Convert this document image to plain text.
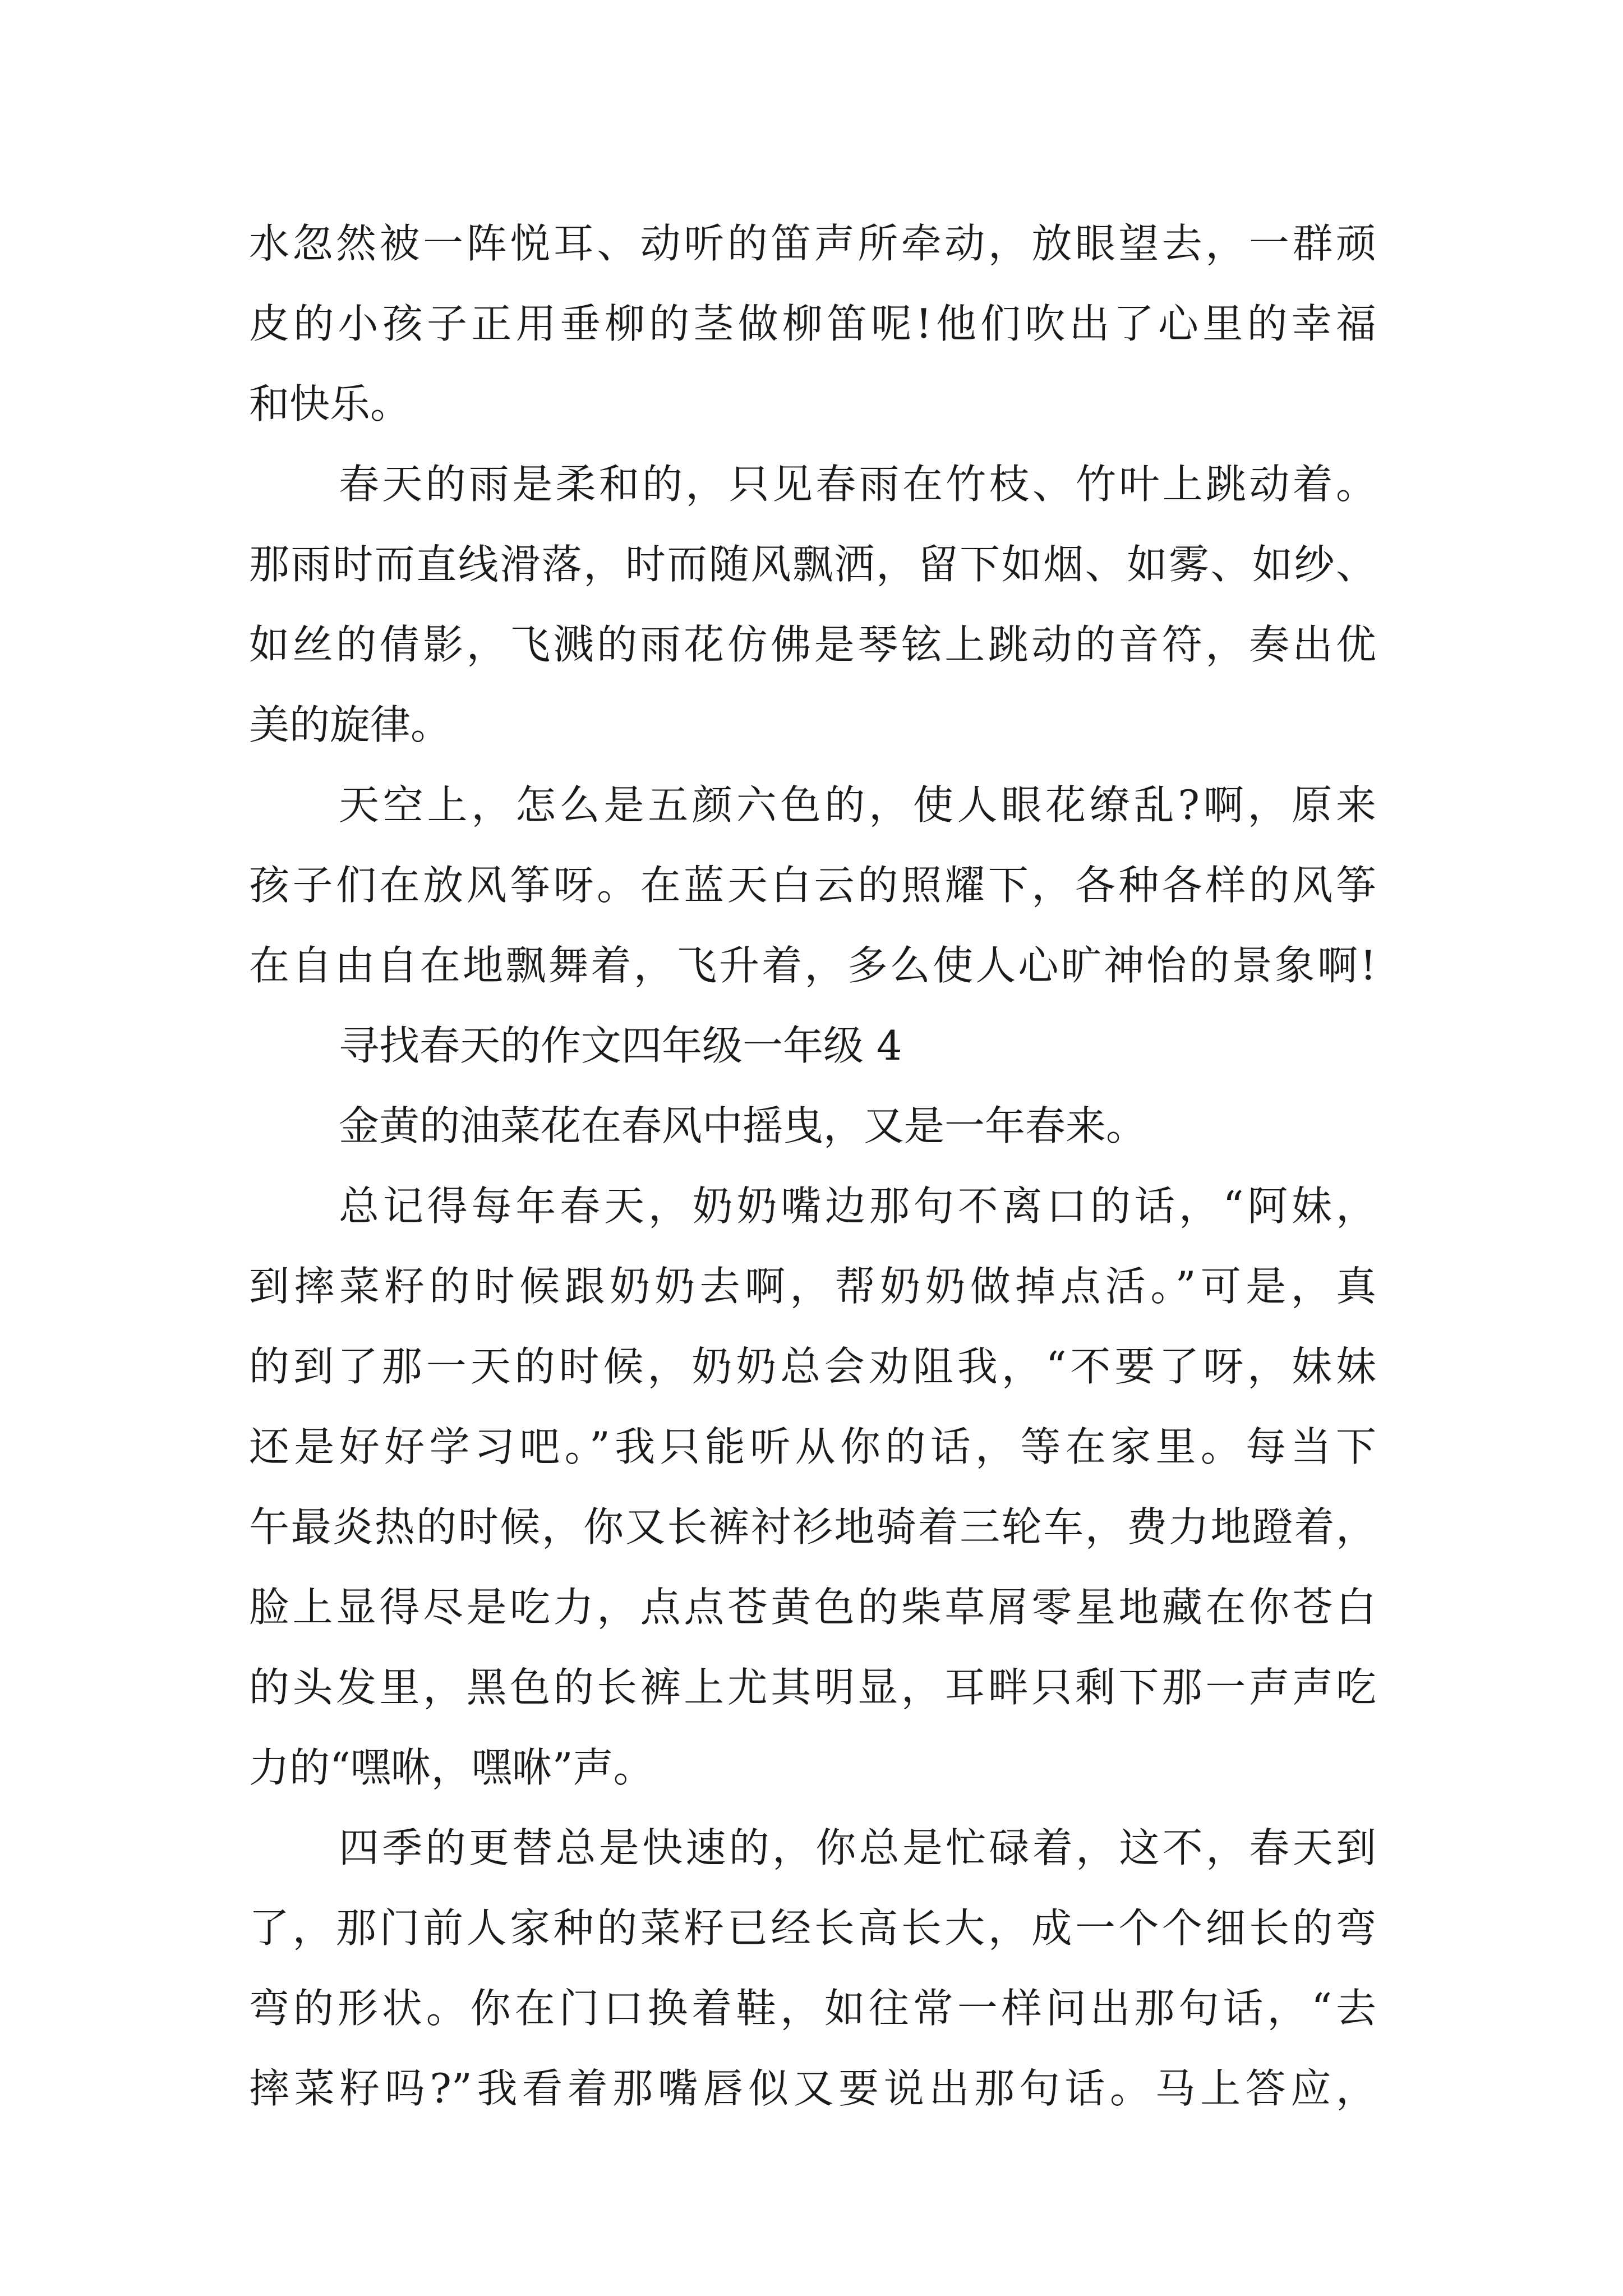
水忽然被一阵悦耳、动听的笛声所牵动，放眼望去，一群顽
皮的小孩子正用垂柳的茎做柳笛呢!他们吹出了心里的幸福
和快乐。
春天的雨是柔和的，只见春雨在竹枝、竹叶上跳动着。
那雨时而直线滑落，时而随风飘洒，留下如烟、如雾、如纱、
如丝的倩影，飞溅的雨花仿佛是琴铉上跳动的音符，奏出优
美的旋律。
天空上，怎么是五颜六色的，使人眼花缭乱?啊，原来
孩子们在放风筝呀。在蓝天白云的照耀下，各种各样的风筝
在自由自在地飘舞着，飞升着，多么使人心旷神怡的景象啊!
寻找春天的作文四年级一年级 4
金黄的油菜花在春风中摇曳，又是一年春来。
总记得每年春天，奶奶嘴边那句不离口的话，“阿妹，
到摔菜籽的时候跟奶奶去啊，帮奶奶做掉点活。”可是，真
的到了那一天的时候，奶奶总会劝阻我，“不要了呀，妹妹
还是好好学习吧。”我只能听从你的话，等在家里。每当下
午最炎热的时候，你又长裤衬衫地骑着三轮车，费力地蹬着，
脸上显得尽是吃力，点点苍黄色的柴草屑零星地藏在你苍白
的头发里，黑色的长裤上尤其明显，耳畔只剩下那一声声吃
力的“嘿咻，嘿咻”声。
四季的更替总是快速的，你总是忙碌着，这不，春天到
了，那门前人家种的菜籽已经长高长大，成一个个细长的弯
弯的形状。你在门口换着鞋，如往常一样问出那句话，“去
摔菜籽吗?”我看着那嘴唇似又要说出那句话。马上答应，
